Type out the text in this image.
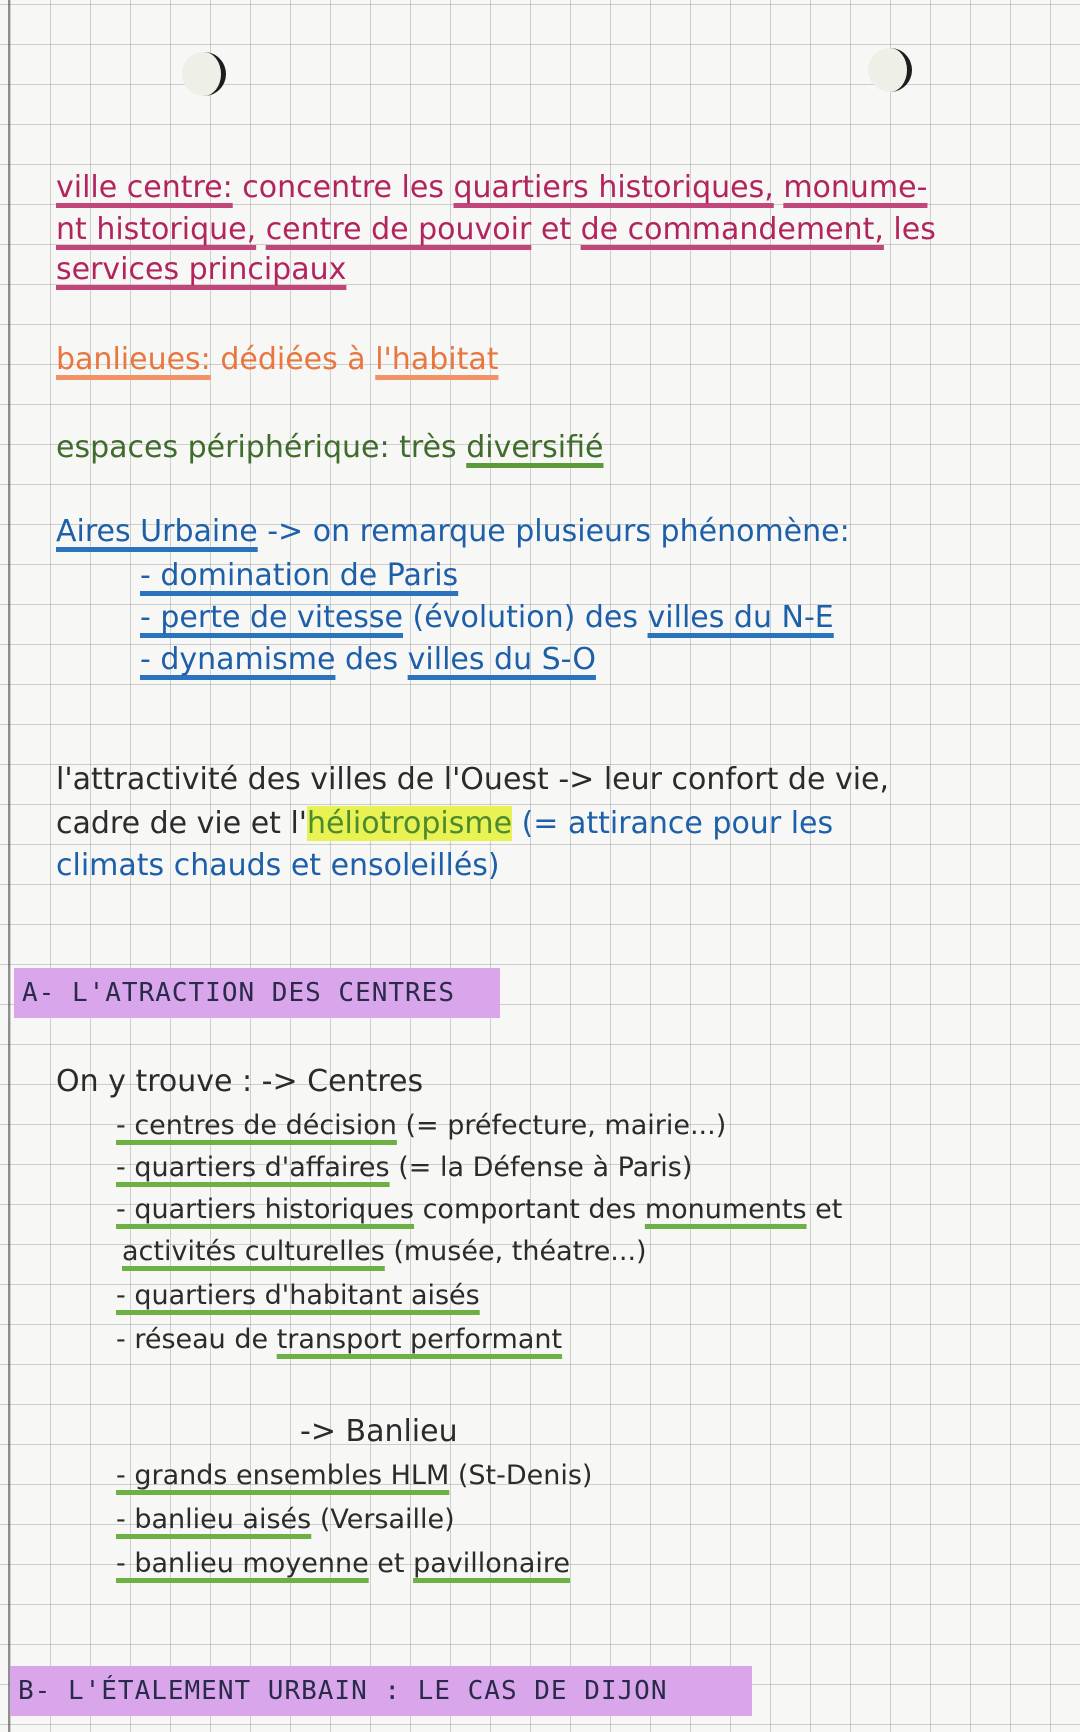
ville centre: concentre les quartiers historiques, monume-
nt historique, centre de pouvoir et de commandement, les
services principaux
banlieues: dédiées à l'habitat
espaces périphérique: très diversifié
Aires Urbaine -> on remarque plusieurs phénomène:
- domination de Paris
- perte de vitesse (évolution) des villes du N-E
- dynamisme des villes du S-O
l'attractivité des villes de l'Ouest -> leur confort de vie,
cadre de vie et l'héliotropisme (= attirance pour les
climats chauds et ensoleillés)
A- L'ATRACTION DES CENTRES
On y trouve : -> Centres
- centres de décision (= préfecture, mairie...)
- quartiers d'affaires (= la Défense à Paris)
- quartiers historiques comportant des monuments et
activités culturelles (musée, théatre...)
- quartiers d'habitant aisés
- réseau de transport performant
-> Banlieu
- grands ensembles HLM (St-Denis)
- banlieu aisés (Versaille)
- banlieu moyenne et pavillonaire
B- L'ÉTALEMENT URBAIN : LE CAS DE DIJON
